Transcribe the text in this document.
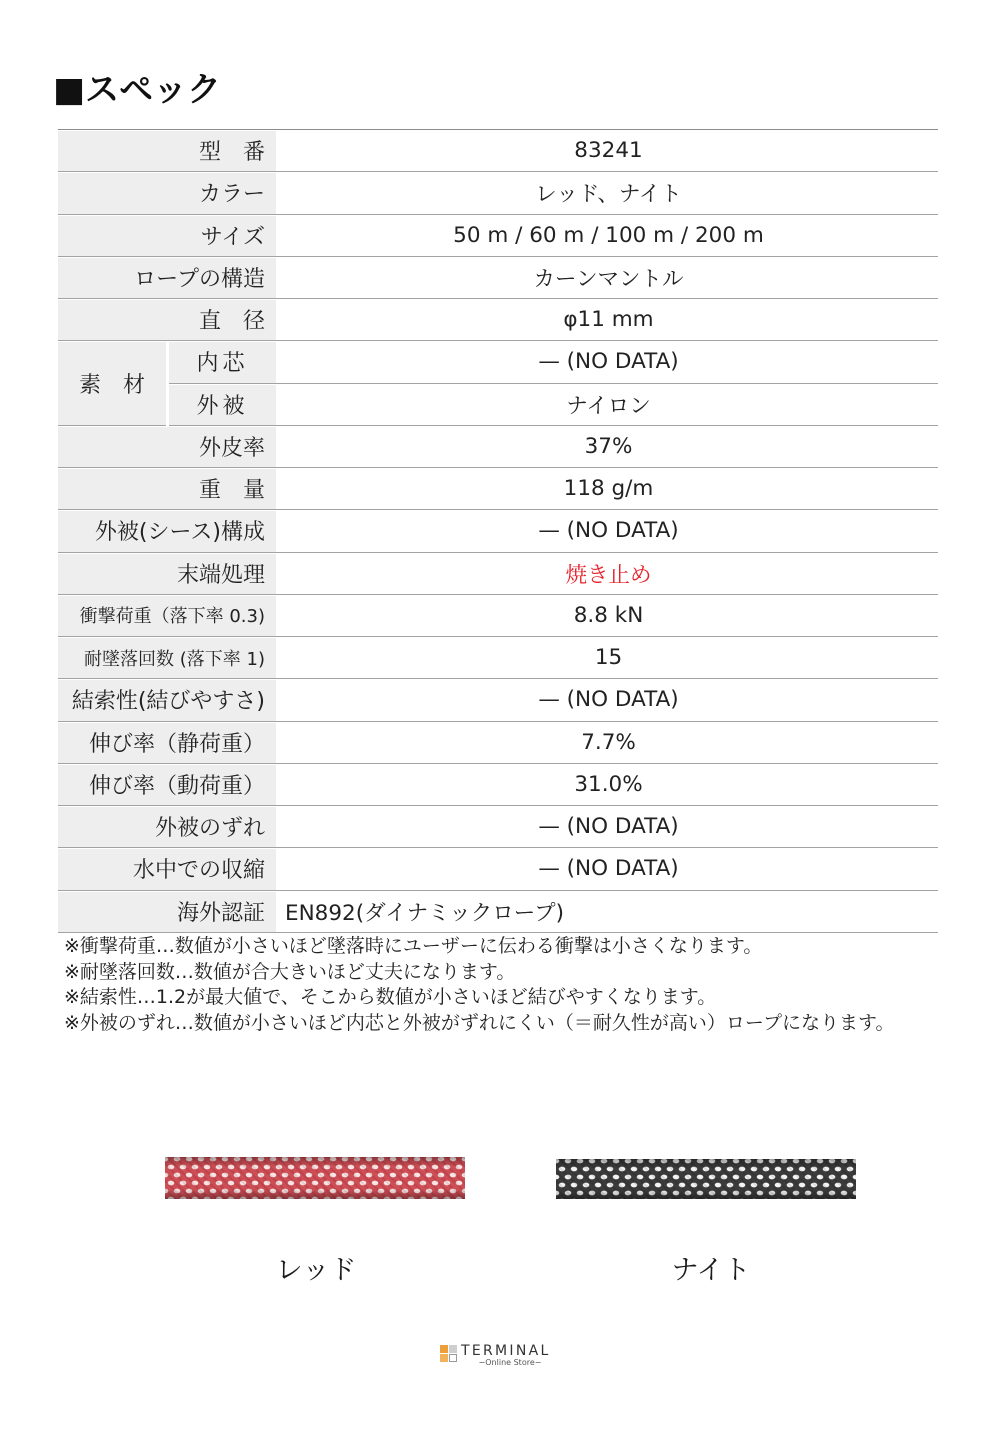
■スペック
型　番	83241
カラー	レッド、ナイト
サイズ	50 m / 60 m / 100 m / 200 m
ロープの構造	カーンマントル
直　径	φ11 mm
素　材
内芯	— (NO DATA)
外被	ナイロン
外皮率	37%
重　量	118 g/m
外被(シース)構成	— (NO DATA)
末端処理	焼き止め
衝撃荷重（落下率 0.3)	8.8 kN
耐墜落回数 (落下率 1)	15
結索性(結びやすさ)	— (NO DATA)
伸び率（静荷重）	7.7%
伸び率（動荷重）	31.0%
外被のずれ	— (NO DATA)
水中での収縮	— (NO DATA)
海外認証 EN892(ダイナミックロープ)
※衝撃荷重…数値が小さいほど墜落時にユーザーに伝わる衝撃は小さくなります。
※耐墜落回数…数値が合大きいほど丈夫になります。
※結索性…1.2が最大値で、そこから数値が小さいほど結びやすくなります。
※外被のずれ…数値が小さいほど内芯と外被がずれにくい（＝耐久性が高い）ロープになります。
レッド	ナイト
TERMINAL
−Online Store−
